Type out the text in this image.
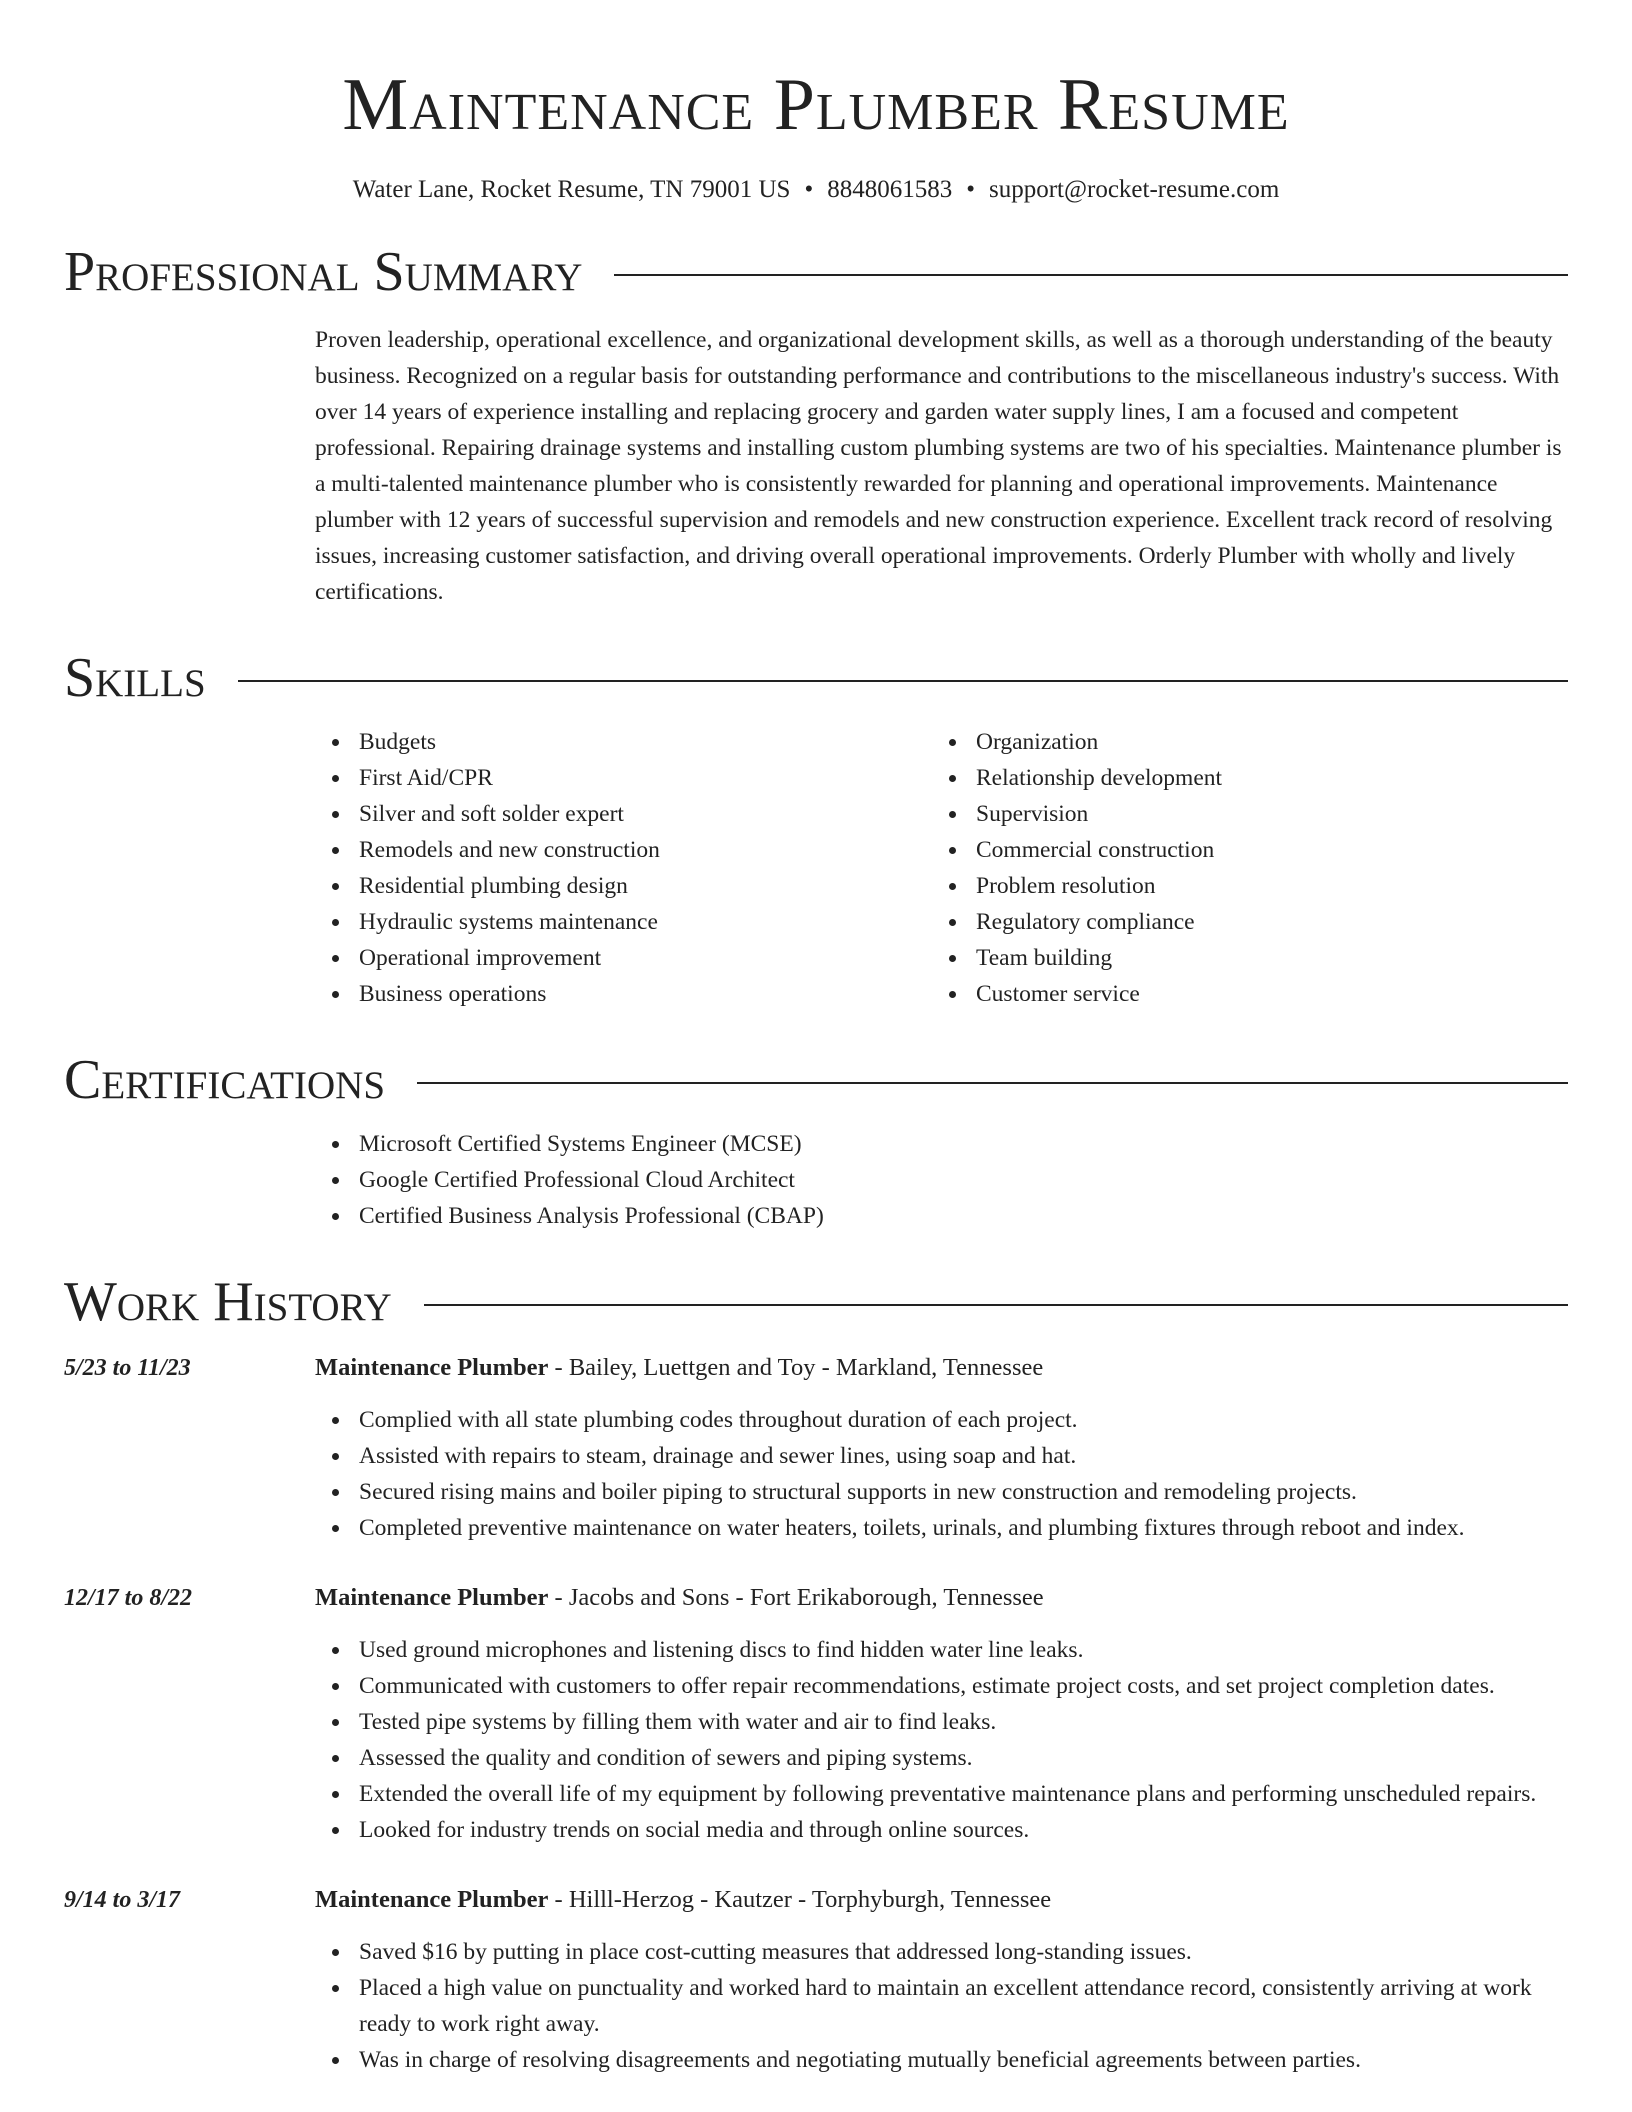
Maintenance Plumber Resume
Water Lane, Rocket Resume, TN 79001 US • 8848061583 • support@rocket-resume.com
Professional Summary
Proven leadership, operational excellence, and organizational development skills, as well as a thorough understanding of the beauty business. Recognized on a regular basis for outstanding performance and contributions to the miscellaneous industry's success. With over 14 years of experience installing and replacing grocery and garden water supply lines, I am a focused and competent professional. Repairing drainage systems and installing custom plumbing systems are two of his specialties. Maintenance plumber is a multi-talented maintenance plumber who is consistently rewarded for planning and operational improvements. Maintenance plumber with 12 years of successful supervision and remodels and new construction experience. Excellent track record of resolving issues, increasing customer satisfaction, and driving overall operational improvements. Orderly Plumber with wholly and lively certifications.
Skills
Budgets
First Aid/CPR
Silver and soft solder expert
Remodels and new construction
Residential plumbing design
Hydraulic systems maintenance
Operational improvement
Business operations
Organization
Relationship development
Supervision
Commercial construction
Problem resolution
Regulatory compliance
Team building
Customer service
Certifications
Microsoft Certified Systems Engineer (MCSE)
Google Certified Professional Cloud Architect
Certified Business Analysis Professional (CBAP)
Work History
5/23 to 11/23	Maintenance Plumber - Bailey, Luettgen and Toy - Markland, Tennessee
Complied with all state plumbing codes throughout duration of each project.
Assisted with repairs to steam, drainage and sewer lines, using soap and hat.
Secured rising mains and boiler piping to structural supports in new construction and remodeling projects.
Completed preventive maintenance on water heaters, toilets, urinals, and plumbing fixtures through reboot and index.
12/17 to 8/22	Maintenance Plumber - Jacobs and Sons - Fort Erikaborough, Tennessee
Used ground microphones and listening discs to find hidden water line leaks.
Communicated with customers to offer repair recommendations, estimate project costs, and set project completion dates.
Tested pipe systems by filling them with water and air to find leaks.
Assessed the quality and condition of sewers and piping systems.
Extended the overall life of my equipment by following preventative maintenance plans and performing unscheduled repairs.
Looked for industry trends on social media and through online sources.
9/14 to 3/17	Maintenance Plumber - Hilll-Herzog - Kautzer - Torphyburgh, Tennessee
Saved $16 by putting in place cost-cutting measures that addressed long-standing issues.
Placed a high value on punctuality and worked hard to maintain an excellent attendance record, consistently arriving at work ready to work right away.
Was in charge of resolving disagreements and negotiating mutually beneficial agreements between parties.
